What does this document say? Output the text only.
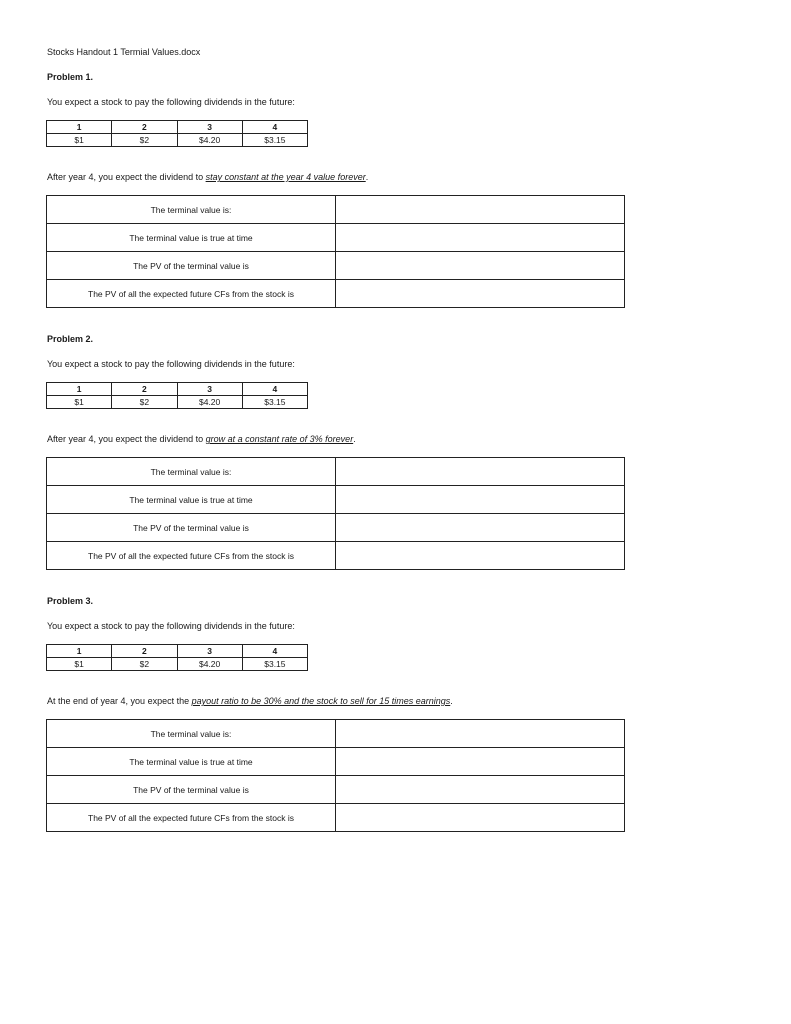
Stocks Handout 1 Termial Values.docx
Problem 1.
You expect a stock to pay the following dividends in the future:
1	2	3	4
$1	$2	$4.20	$3.15
After year 4, you expect the dividend to stay constant at the year 4 value forever.
The terminal value is:	
The terminal value is true at time	
The PV of the terminal value is	
The PV of all the expected future CFs from the stock is	
Problem 2.
You expect a stock to pay the following dividends in the future:
1	2	3	4
$1	$2	$4.20	$3.15
After year 4, you expect the dividend to grow at a constant rate of 3% forever.
The terminal value is:	
The terminal value is true at time	
The PV of the terminal value is	
The PV of all the expected future CFs from the stock is	
Problem 3.
You expect a stock to pay the following dividends in the future:
1	2	3	4
$1	$2	$4.20	$3.15
At the end of year 4, you expect the payout ratio to be 30% and the stock to sell for 15 times earnings.
The terminal value is:	
The terminal value is true at time	
The PV of the terminal value is	
The PV of all the expected future CFs from the stock is	
